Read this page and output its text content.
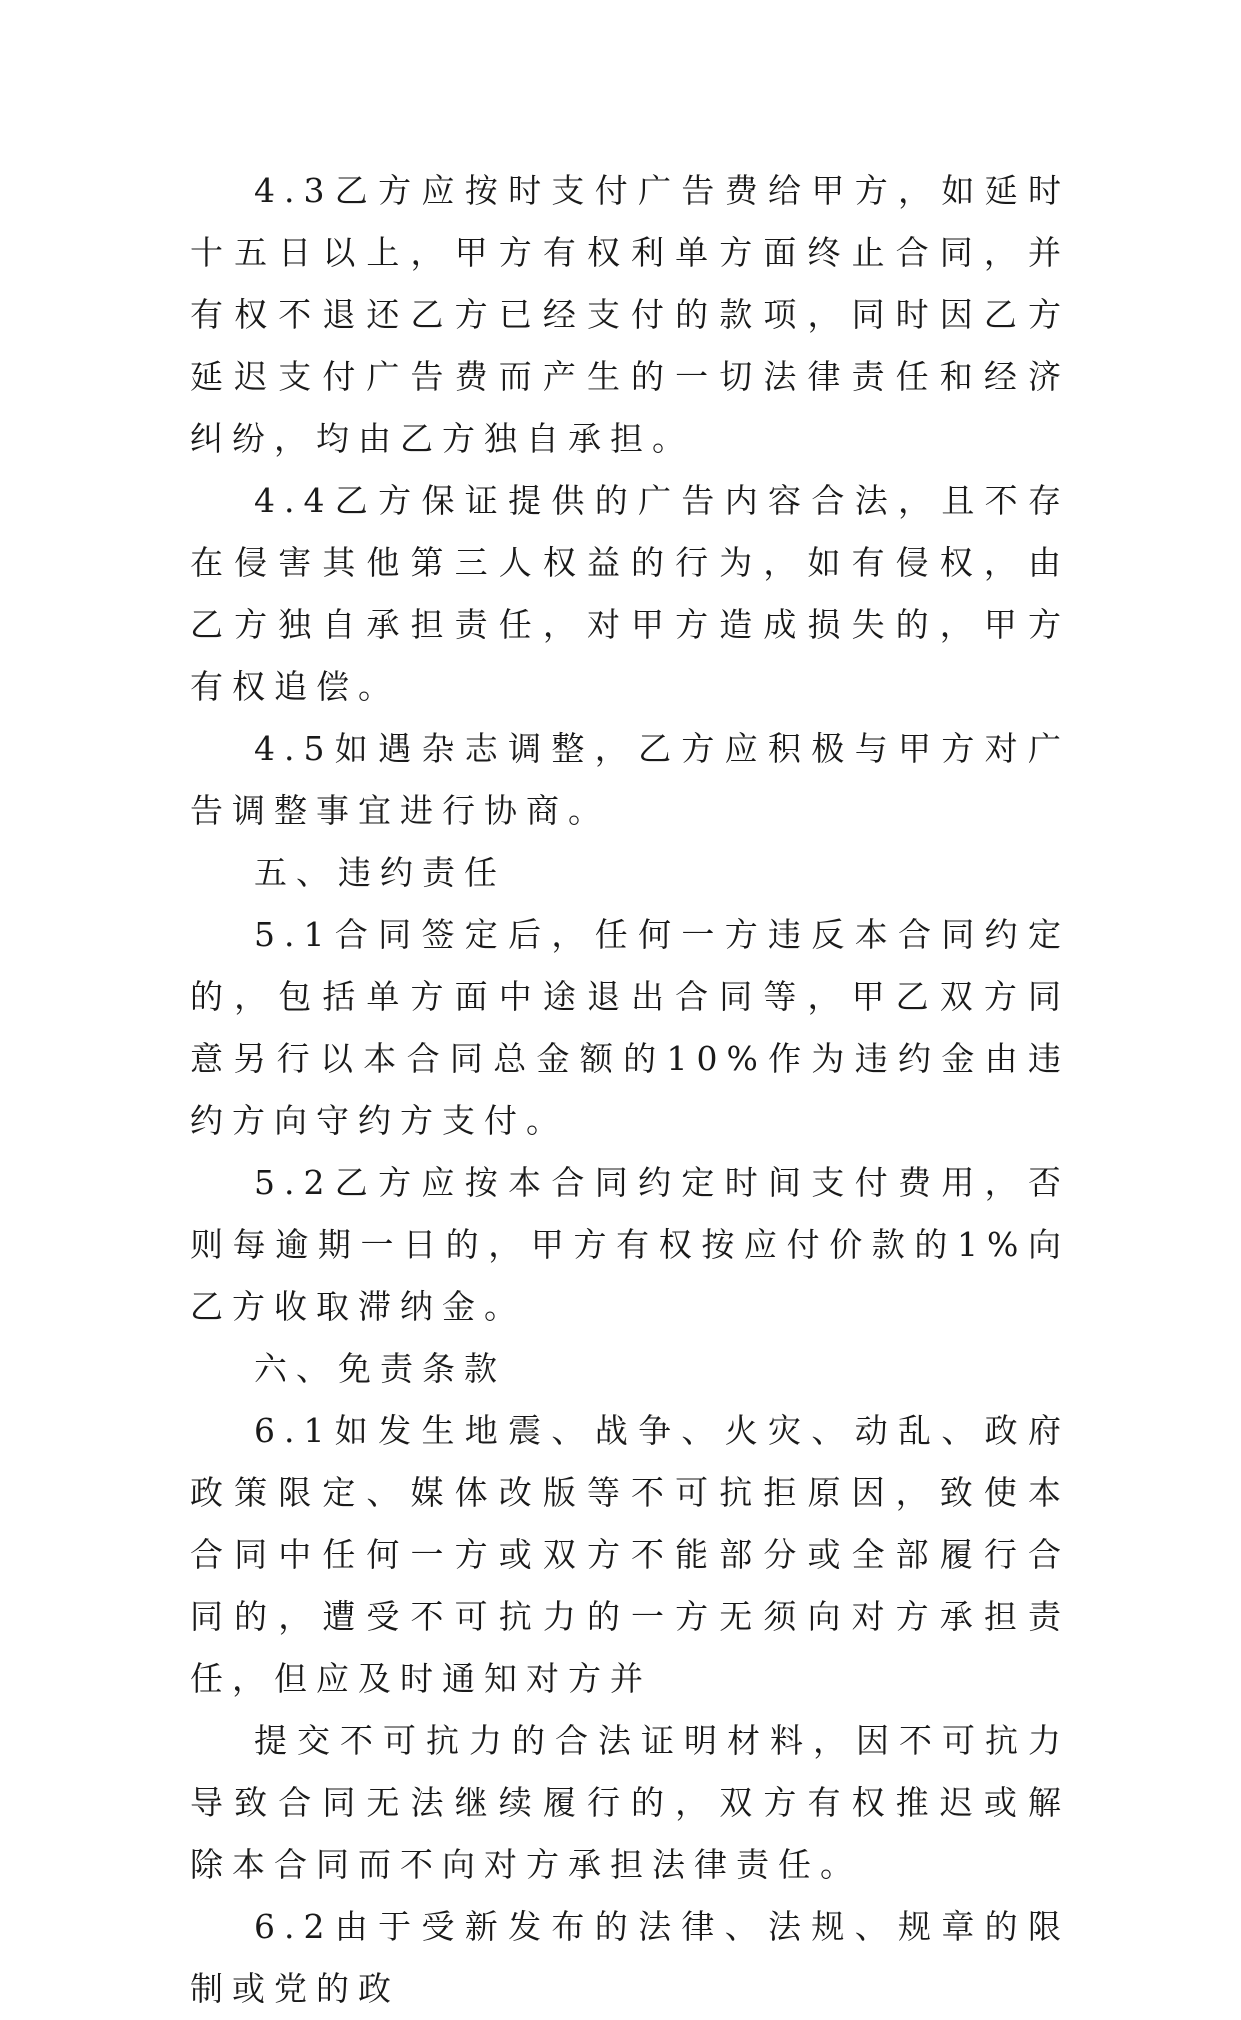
4.3乙方应按时支付广告费给甲方，如延时十五日以上，甲方有权利单方面终止合同，并有权不退还乙方已经支付的款项，同时因乙方延迟支付广告费而产生的一切法律责任和经济纠纷，均由乙方独自承担。

4.4乙方保证提供的广告内容合法，且不存在侵害其他第三人权益的行为，如有侵权，由乙方独自承担责任，对甲方造成损失的，甲方有权追偿。

4.5如遇杂志调整，乙方应积极与甲方对广告调整事宜进行协商。

五、违约责任

5.1合同签定后，任何一方违反本合同约定的，包括单方面中途退出合同等，甲乙双方同意另行以本合同总金额的10%作为违约金由违约方向守约方支付。

5.2乙方应按本合同约定时间支付费用，否则每逾期一日的，甲方有权按应付价款的1%向乙方收取滞纳金。

六、免责条款

6.1如发生地震、战争、火灾、动乱、政府政策限定、媒体改版等不可抗拒原因，致使本合同中任何一方或双方不能部分或全部履行合同的，遭受不可抗力的一方无须向对方承担责任，但应及时通知对方并

提交不可抗力的合法证明材料，因不可抗力导致合同无法继续履行的，双方有权推迟或解除本合同而不向对方承担法律责任。

6.2由于受新发布的法律、法规、规章的限制或党的政
